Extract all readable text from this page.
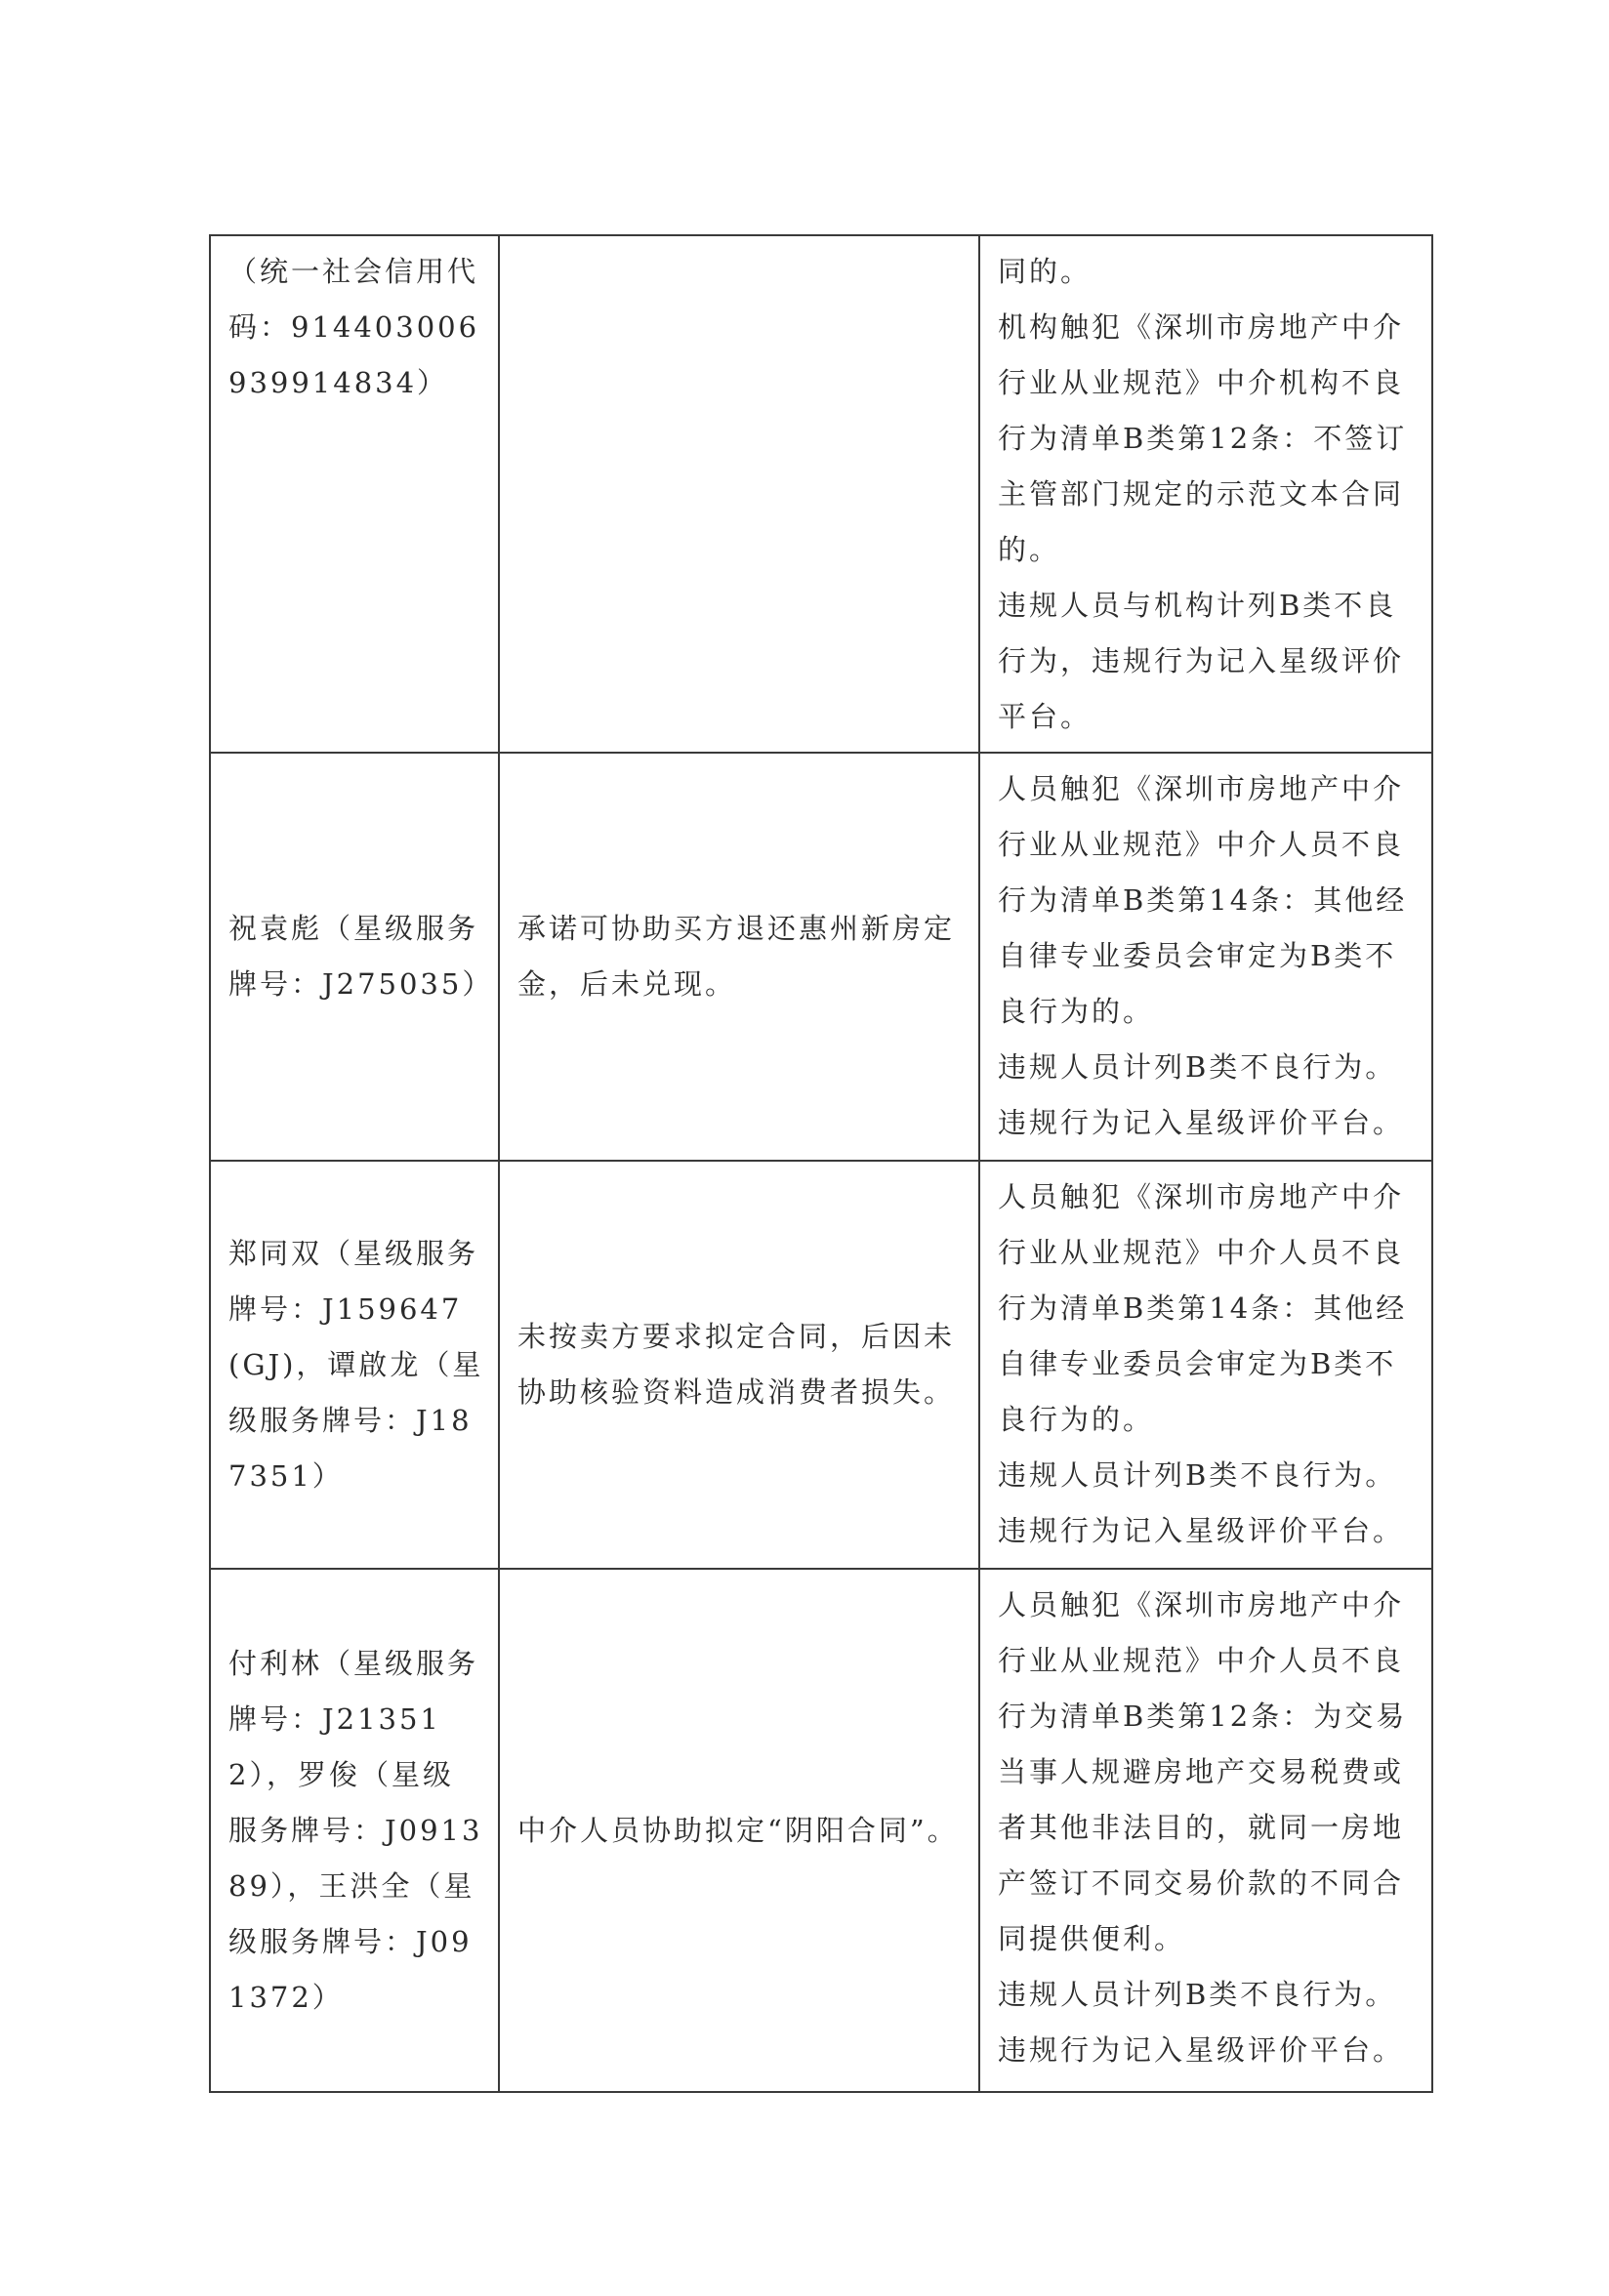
（统一社会信用代码：914403006939914834）		同的。
机构触犯《深圳市房地产中介行业从业规范》中介机构不良行为清单B类第12条：不签订主管部门规定的示范文本合同的。
违规人员与机构计列B类不良行为，违规行为记入星级评价平台。

祝袁彪（星级服务牌号：J275035）	承诺可协助买方退还惠州新房定金，后未兑现。	人员触犯《深圳市房地产中介行业从业规范》中介人员不良行为清单B类第14条：其他经自律专业委员会审定为B类不良行为的。
违规人员计列B类不良行为。
违规行为记入星级评价平台。

郑同双（星级服务牌号：J159647(GJ)，谭啟龙（星级服务牌号：J187351）	未按卖方要求拟定合同，后因未协助核验资料造成消费者损失。	人员触犯《深圳市房地产中介行业从业规范》中介人员不良行为清单B类第14条：其他经自律专业委员会审定为B类不良行为的。
违规人员计列B类不良行为。
违规行为记入星级评价平台。

付利林（星级服务牌号：J213512），罗俊（星级服务牌号：J091389），王洪全（星级服务牌号：J091372）	中介人员协助拟定“阴阳合同”。	人员触犯《深圳市房地产中介行业从业规范》中介人员不良行为清单B类第12条：为交易当事人规避房地产交易税费或者其他非法目的，就同一房地产签订不同交易价款的不同合同提供便利。
违规人员计列B类不良行为。
违规行为记入星级评价平台。
